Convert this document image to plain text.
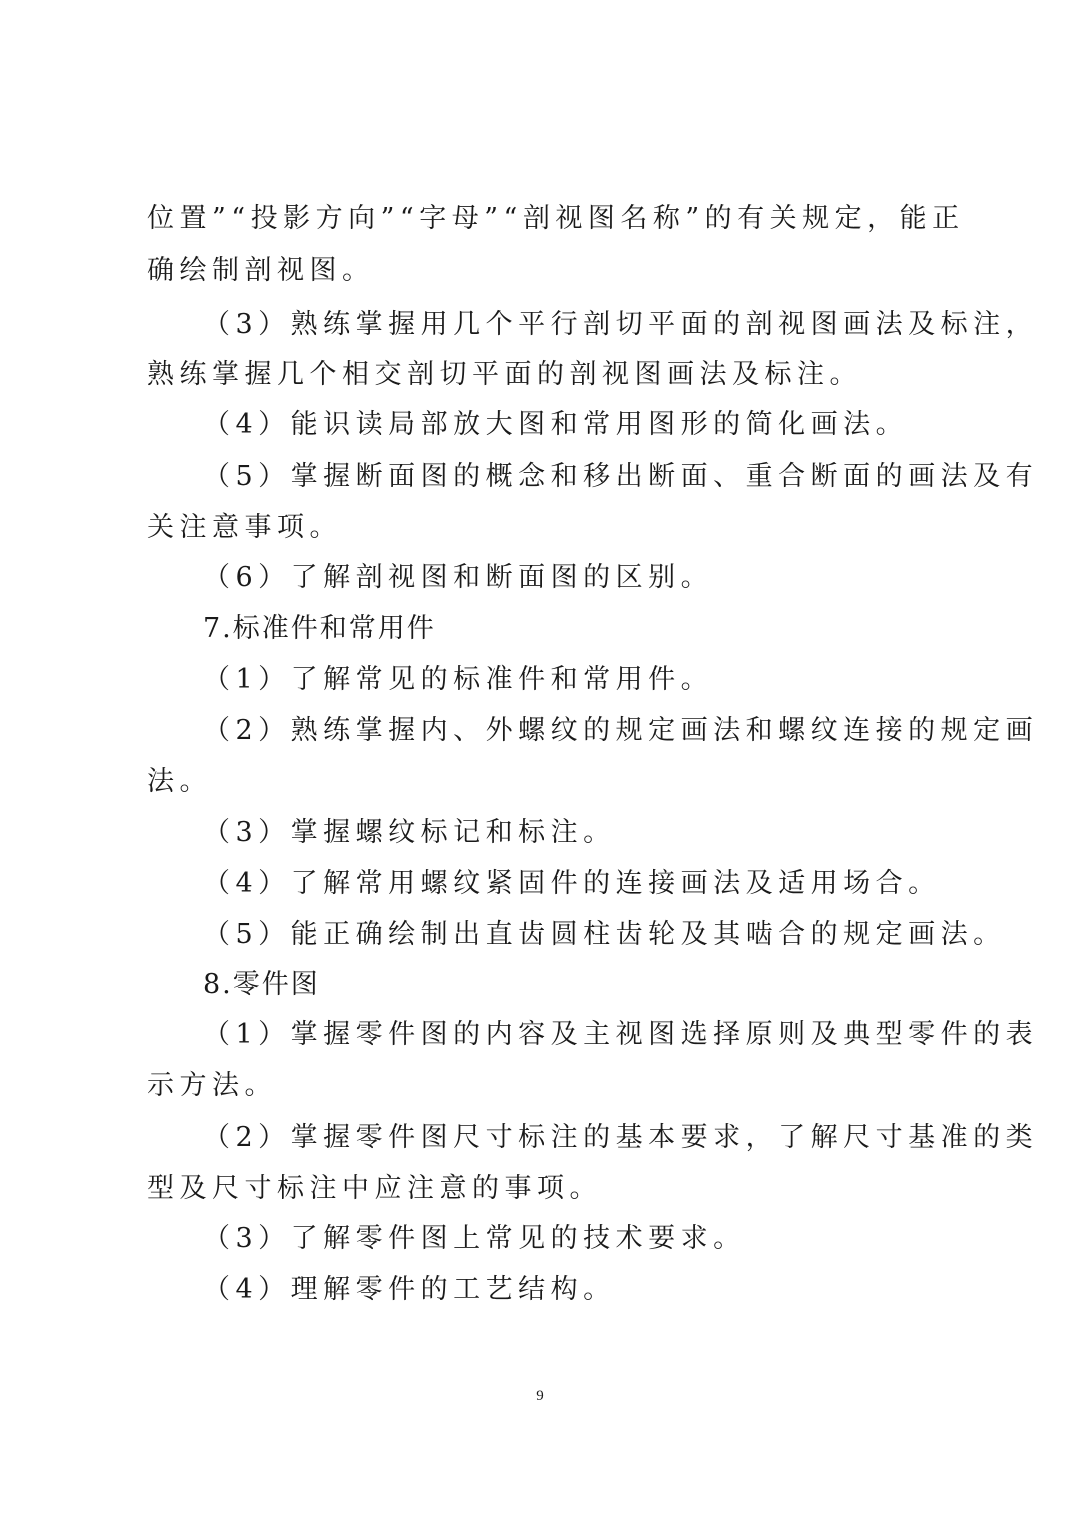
位置”“投影方向”“字母”“剖视图名称”的有关规定，能正
确绘制剖视图。
（3）熟练掌握用几个平行剖切平面的剖视图画法及标注，
熟练掌握几个相交剖切平面的剖视图画法及标注。
（4）能识读局部放大图和常用图形的简化画法。
（5）掌握断面图的概念和移出断面、重合断面的画法及有
关注意事项。
（6）了解剖视图和断面图的区别。
7.标准件和常用件
（1）了解常见的标准件和常用件。
（2）熟练掌握内、外螺纹的规定画法和螺纹连接的规定画
法。
（3）掌握螺纹标记和标注。
（4）了解常用螺纹紧固件的连接画法及适用场合。
（5）能正确绘制出直齿圆柱齿轮及其啮合的规定画法。
8.零件图
（1）掌握零件图的内容及主视图选择原则及典型零件的表
示方法。
（2）掌握零件图尺寸标注的基本要求，了解尺寸基准的类
型及尺寸标注中应注意的事项。
（3）了解零件图上常见的技术要求。
（4）理解零件的工艺结构。
9
